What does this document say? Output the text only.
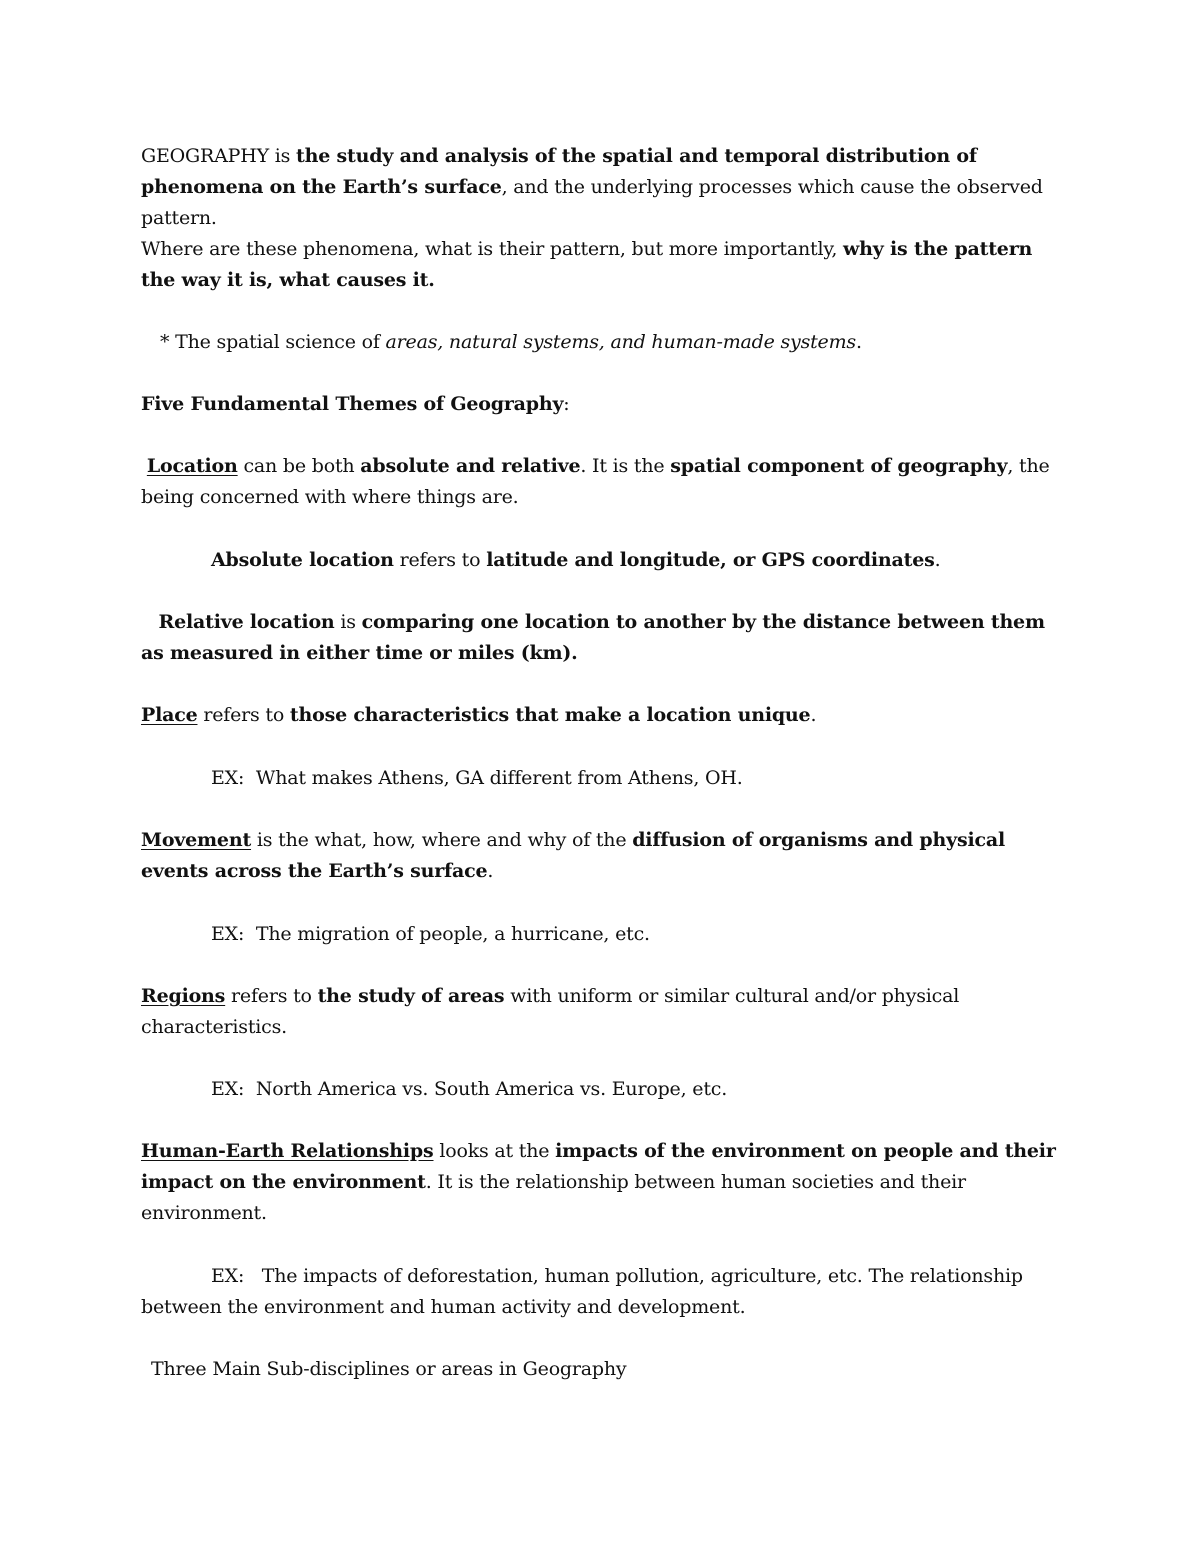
GEOGRAPHY is the study and analysis of the spatial and temporal distribution of phenomena on the Earth’s surface, and the underlying processes which cause the observed pattern.

Where are these phenomena, what is their pattern, but more importantly, why is the pattern the way it is, what causes it.

* The spatial science of areas, natural systems, and human-made systems.

Five Fundamental Themes of Geography:

Location can be both absolute and relative. It is the spatial component of geography, the being concerned with where things are.

Absolute location refers to latitude and longitude, or GPS coordinates.

Relative location is comparing one location to another by the distance between them as measured in either time or miles (km).

Place refers to those characteristics that make a location unique.

EX:  What makes Athens, GA different from Athens, OH.

Movement is the what, how, where and why of the diffusion of organisms and physical events across the Earth’s surface.

EX:  The migration of people, a hurricane, etc.

Regions refers to the study of areas with uniform or similar cultural and/or physical characteristics.

EX:  North America vs. South America vs. Europe, etc.

Human-Earth Relationships looks at the impacts of the environment on people and their impact on the environment. It is the relationship between human societies and their environment.

EX:   The impacts of deforestation, human pollution, agriculture, etc. The relationship

between the environment and human activity and development.

Three Main Sub-disciplines or areas in Geography
